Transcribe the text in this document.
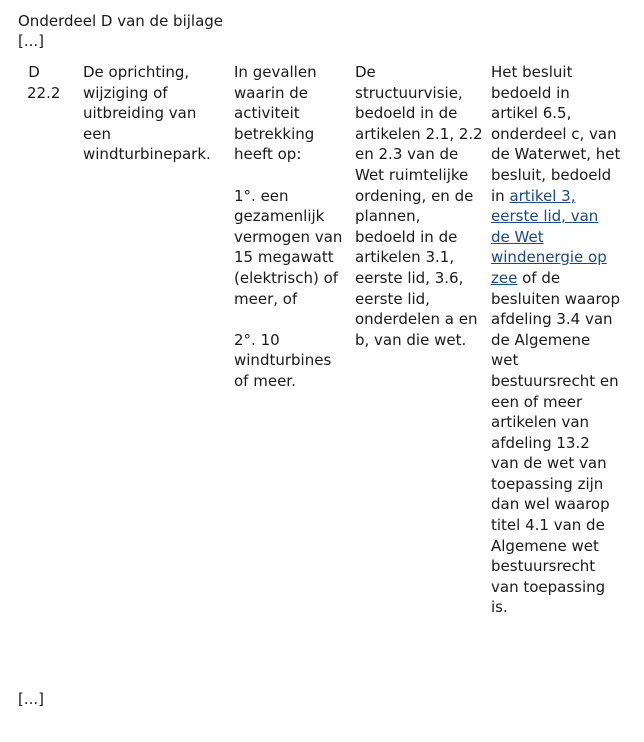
Onderdeel D van de bijlage
[...]
D
22.2
De oprichting, wijziging of uitbreiding van een windturbinepark.
In gevallen waarin de activiteit betrekking heeft op:
1°. een gezamenlijk vermogen van 15 megawatt (elektrisch) of meer, of
2°. 10 windturbines of meer.
De structuurvisie, bedoeld in de artikelen 2.1, 2.2 en 2.3 van de Wet ruimtelijke ordening, en de plannen, bedoeld in de artikelen 3.1, eerste lid, 3.6, eerste lid, onderdelen a en b, van die wet.
Het besluit bedoeld in artikel 6.5, onderdeel c, van de Waterwet, het besluit, bedoeld in artikel 3, eerste lid, van de Wet windenergie op zee of de besluiten waarop afdeling 3.4 van de Algemene wet bestuursrecht en een of meer artikelen van afdeling 13.2 van de wet van toepassing zijn dan wel waarop titel 4.1 van de Algemene wet bestuursrecht van toepassing is.
[...]
